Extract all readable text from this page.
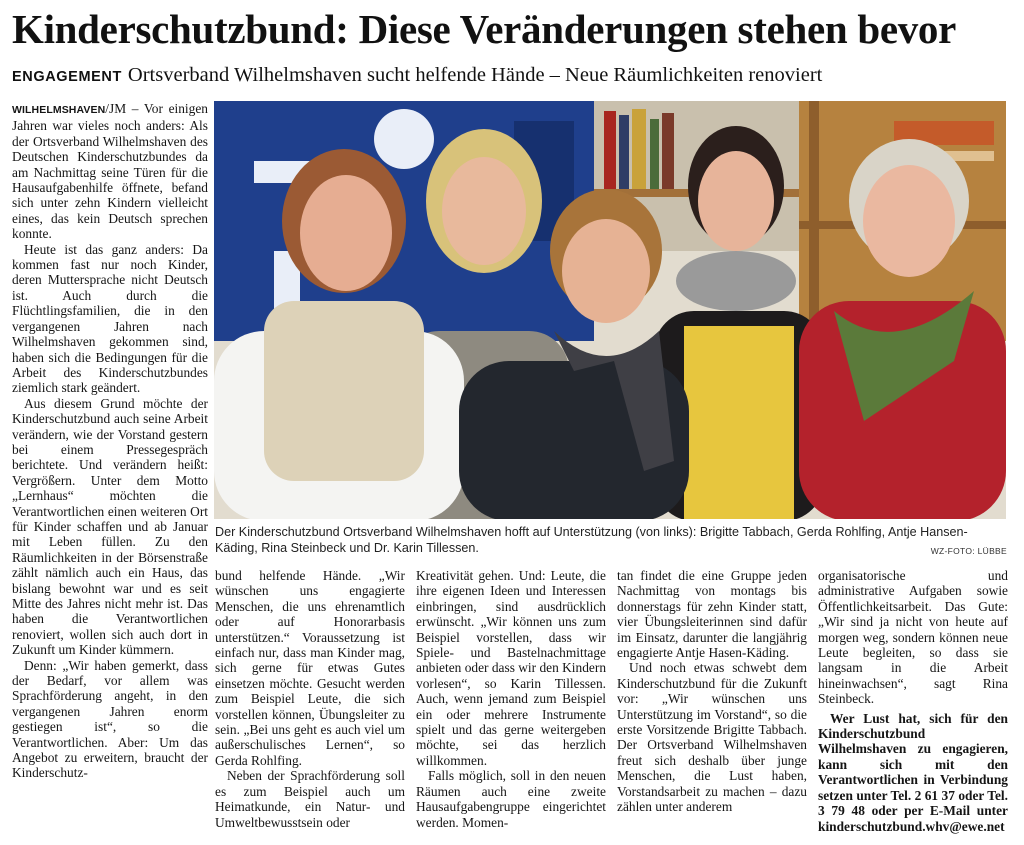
Kinderschutzbund: Diese Veränderungen stehen bevor
ENGAGEMENT Ortsverband Wilhelmshaven sucht helfende Hände – Neue Räumlichkeiten renoviert

WILHELMSHAVEN/JM – Vor einigen Jahren war vieles noch anders: Als der Ortsverband Wilhelmshaven des Deutschen Kinderschutzbundes da am Nachmittag seine Türen für die Hausaufgabenhilfe öffnete, befand sich unter zehn Kindern vielleicht eines, das kein Deutsch sprechen konnte.

Heute ist das ganz anders: Da kommen fast nur noch Kinder, deren Muttersprache nicht Deutsch ist. Auch durch die Flüchtlingsfamilien, die in den vergangenen Jahren nach Wilhelmshaven gekommen sind, haben sich die Bedingungen für die Arbeit des Kinderschutzbundes ziemlich stark geändert.

Aus diesem Grund möchte der Kinderschutzbund auch seine Arbeit verändern, wie der Vorstand gestern bei einem Pressegespräch berichtete. Und verändern heißt: Vergrößern. Unter dem Motto „Lernhaus“ möchten die Verantwortlichen einen weiteren Ort für Kinder schaffen und ab Januar mit Leben füllen. Zu den Räumlichkeiten in der Börsenstraße zählt nämlich auch ein Haus, das bislang bewohnt war und es seit Mitte des Jahres nicht mehr ist. Das haben die Verantwortlichen renoviert, wollen sich auch dort in Zukunft um Kinder kümmern.

Denn: „Wir haben gemerkt, dass der Bedarf, vor allem was Sprachförderung angeht, in den vergangenen Jahren enorm gestiegen ist“, so die Verantwortlichen. Aber: Um das Angebot zu erweitern, braucht der Kinderschutz-

Der Kinderschutzbund Ortsverband Wilhelmshaven hofft auf Unterstützung (von links): Brigitte Tabbach, Gerda Rohlfing, Antje Hansen-Käding, Rina Steinbeck und Dr. Karin Tillessen.	WZ-FOTO: LÜBBE

bund helfende Hände. „Wir wünschen uns engagierte Menschen, die uns ehrenamtlich oder auf Honorarbasis unterstützen.“ Voraussetzung ist einfach nur, dass man Kinder mag, sich gerne für etwas Gutes einsetzen möchte. Gesucht werden zum Beispiel Leute, die sich vorstellen können, Übungsleiter zu sein. „Bei uns geht es auch viel um außerschulisches Lernen“, so Gerda Rohlfing.

Neben der Sprachförderung soll es zum Beispiel auch um Heimatkunde, ein Natur- und Umweltbewusstsein oder

Kreativität gehen. Und: Leute, die ihre eigenen Ideen und Interessen einbringen, sind ausdrücklich erwünscht. „Wir können uns zum Beispiel vorstellen, dass wir Spiele- und Bastelnachmittage anbieten oder dass wir den Kindern vorlesen“, so Karin Tillessen. Auch, wenn jemand zum Beispiel ein oder mehrere Instrumente spielt und das gerne weitergeben möchte, sei das herzlich willkommen.

Falls möglich, soll in den neuen Räumen auch eine zweite Hausaufgabengruppe eingerichtet werden. Momen-

tan findet die eine Gruppe jeden Nachmittag von montags bis donnerstags für zehn Kinder statt, vier Übungsleiterinnen sind dafür im Einsatz, darunter die langjährig engagierte Antje Hasen-Käding.

Und noch etwas schwebt dem Kinderschutzbund für die Zukunft vor: „Wir wünschen uns Unterstützung im Vorstand“, so die erste Vorsitzende Brigitte Tabbach. Der Ortsverband Wilhelmshaven freut sich deshalb über junge Menschen, die Lust haben, Vorstandsarbeit zu machen – dazu zählen unter anderem

organisatorische und administrative Aufgaben sowie Öffentlichkeitsarbeit. Das Gute: „Wir sind ja nicht von heute auf morgen weg, sondern können neue Leute begleiten, so dass sie langsam in die Arbeit hineinwachsen“, sagt Rina Steinbeck.

Wer Lust hat, sich für den Kinderschutzbund Wilhelmshaven zu engagieren, kann sich mit den Verantwortlichen in Verbindung setzen unter Tel. 2 61 37 oder Tel. 3 79 48 oder per E-Mail unter kinderschutzbund.whv@ewe.net
